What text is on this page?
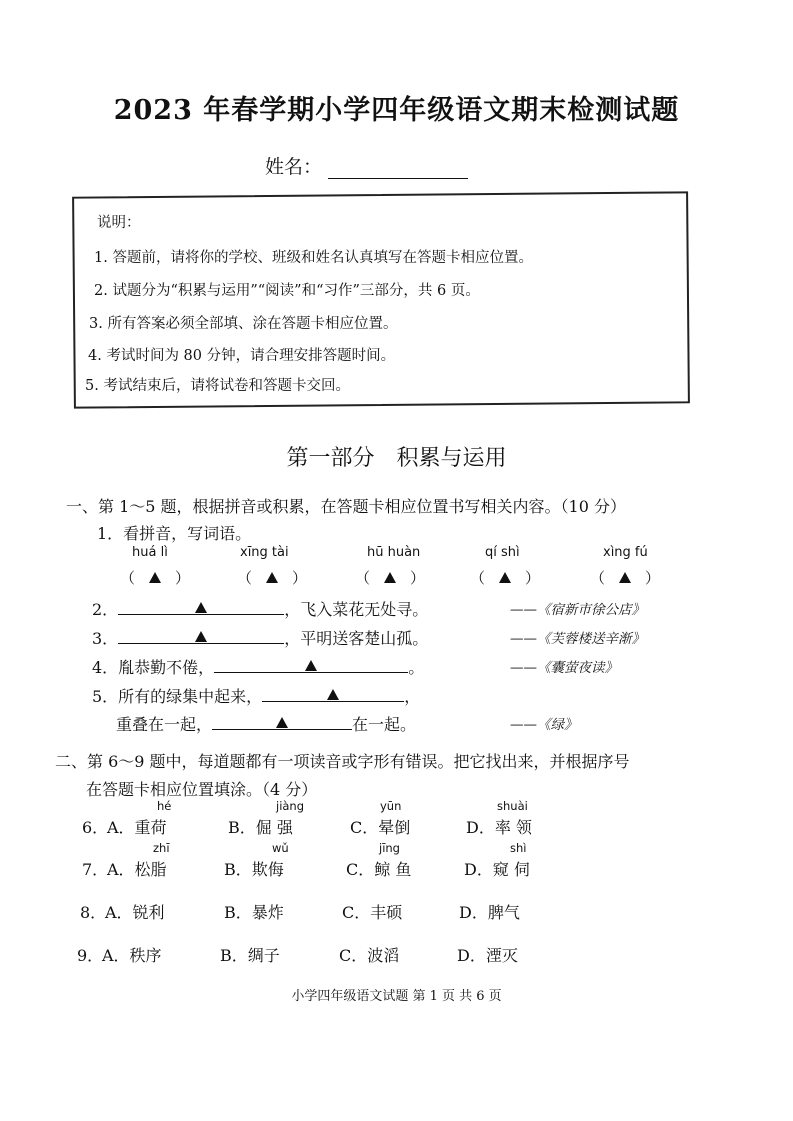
2023 年春学期小学四年级语文期末检测试题
姓名：
说明：
1. 答题前，请将你的学校、班级和姓名认真填写在答题卡相应位置。
2. 试题分为“积累与运用”“阅读”和“习作”三部分，共 6 页。
3. 所有答案必须全部填、涂在答题卡相应位置。
4. 考试时间为 80 分钟，请合理安排答题时间。
5. 考试结束后，请将试卷和答题卡交回。
第一部分　积累与运用
一、第 1～5 题，根据拼音或积累，在答题卡相应位置书写相关内容。（10 分）
1．看拼音，写词语。
huá lì	xīng tài	hū huàn	qí shì	xìng fú
（	）	（	）	（	）	（	）	（	）
2．	，飞入菜花无处寻。	——《宿新市徐公店》
3．	，平明送客楚山孤。	——《芙蓉楼送辛渐》
4．胤恭勤不倦，	。	——《囊萤夜读》
5．所有的绿集中起来，	，
重叠在一起，	在一起。	——《绿》
二、第 6～9 题中，每道题都有一项读音或字形有错误。把它找出来，并根据序号
在答题卡相应位置填涂。（4 分）
hé	jiàng	yūn	shuài
6．
A．重荷	B．倔 强	C．晕倒	D．率 领
zhī	wǔ	jīng	shì
7．
A．松脂	B．欺侮	C．鲸 鱼	D．窥 伺
8．
A．锐利	B．暴炸	C．丰硕	D．脾气
9．
A．秩序	B．绸子	C．波滔	D．湮灭
小学四年级语文试题 第 1 页 共 6 页
